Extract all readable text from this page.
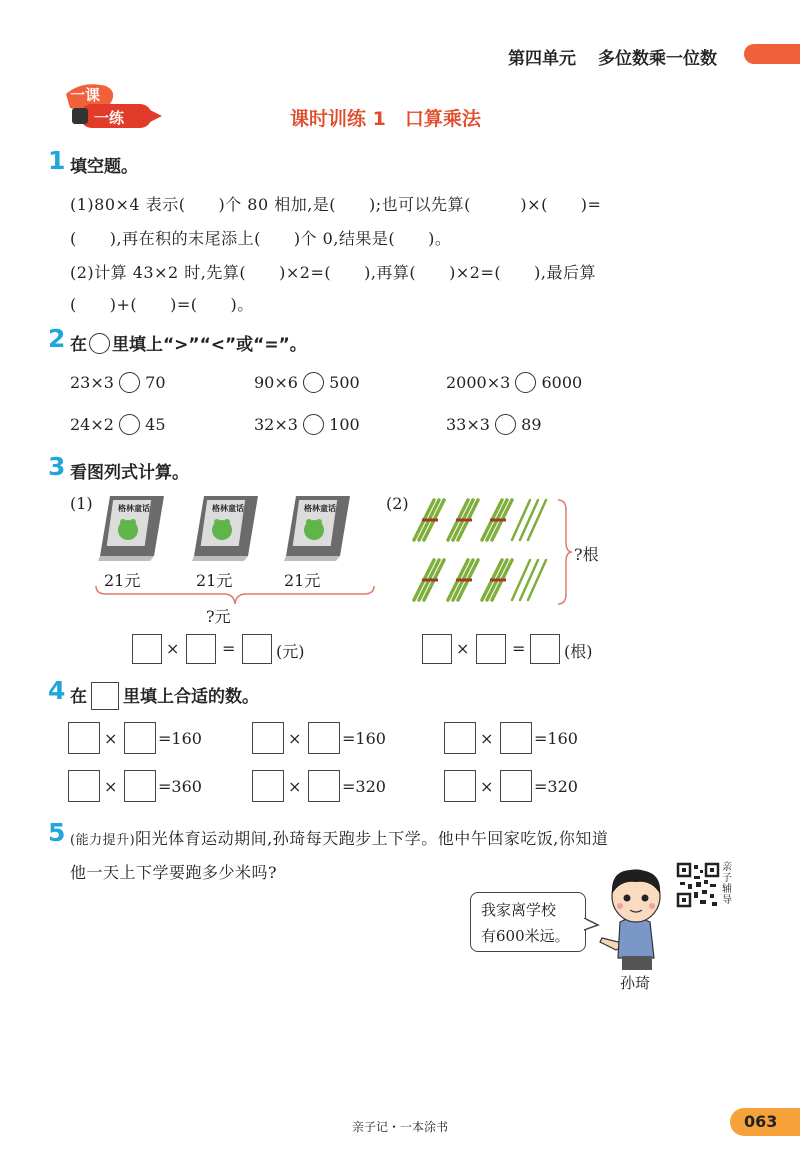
第四单元 多位数乘一位数
一课
一练	课时训练 1　口算乘法
1 填空题。
(1)80×4 表示(　　)个 80 相加,是(　　);也可以先算(　　　)×(　　)=
(　　),再在积的末尾添上(　　)个 0,结果是(　　)。
(2)计算 43×2 时,先算(　　)×2=(　　),再算(　　)×2=(　　),最后算
(　　)+(　　)=(　　)。
2 在 里填上“>”“<”或“=”。
23×3 70	90×6 500	2000×3 6000
24×2 45	32×3 100	33×3 89
3 看图列式计算。
(1)	格林童话	格林童话	格林童话
21元	21元	21元
?元
×	=	(元)
(2)
?根
×	= (根)
4 在 里填上合适的数。
×	=160	×	=160	×	=160
×	=360	×	=320	×	=320
5 (能力提升)阳光体育运动期间,孙琦每天跑步上下学。他中午回家吃饭,你知道
他一天上下学要跑多少米吗?	亲子辅导
我家离学校
有600米远。
孙琦
亲子记・一本涂书	063
